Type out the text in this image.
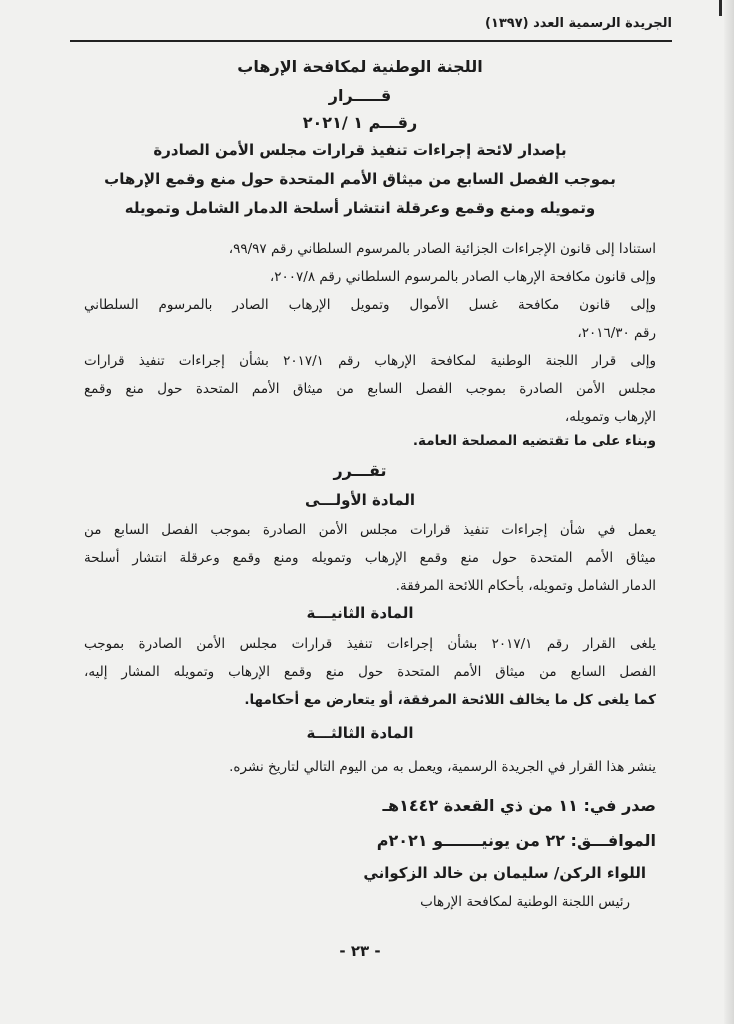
الجريدة الرسمية العدد (١٣٩٧)
اللجنة الوطنية لمكافحة الإرهاب
قـــــرار
رقـــم ١ /٢٠٢١
بإصدار لائحة إجراءات تنفيذ قرارات مجلس الأمن الصادرة
بموجب الفصل السابع من ميثاق الأمم المتحدة حول منع وقمع الإرهاب
وتمويله ومنع وقمع وعرقلة انتشار أسلحة الدمار الشامل وتمويله
استنادا إلى قانون الإجراءات الجزائية الصادر بالمرسوم السلطاني رقم ٩٩/٩٧،
وإلى قانون مكافحة الإرهاب الصادر بالمرسوم السلطاني رقم ٢٠٠٧/٨،
وإلى قانون مكافحة غسل الأموال وتمويل الإرهاب الصادر بالمرسوم السلطاني
رقم ٢٠١٦/٣٠،
وإلى قرار اللجنة الوطنية لمكافحة الإرهاب رقم ٢٠١٧/١ بشأن إجراءات تنفيذ قرارات
مجلس الأمن الصادرة بموجب الفصل السابع من ميثاق الأمم المتحدة حول منع وقمع
الإرهاب وتمويله،
وبناء على ما تقتضيه المصلحة العامة.
تقـــرر
المادة الأولـــى
يعمل في شأن إجراءات تنفيذ قرارات مجلس الأمن الصادرة بموجب الفصل السابع من
ميثاق الأمم المتحدة حول منع وقمع الإرهاب وتمويله ومنع وقمع وعرقلة انتشار أسلحة
الدمار الشامل وتمويله، بأحكام اللائحة المرفقة.
المادة الثانيـــة
يلغى القرار رقم ٢٠١٧/١ بشأن إجراءات تنفيذ قرارات مجلس الأمن الصادرة بموجب
الفصل السابع من ميثاق الأمم المتحدة حول منع وقمع الإرهاب وتمويله المشار إليه،
كما يلغى كل ما يخالف اللائحة المرفقة، أو يتعارض مع أحكامها.
المادة الثالثـــة
ينشر هذا القرار في الجريدة الرسمية، ويعمل به من اليوم التالي لتاريخ نشره.
صدر في: ١١ من ذي القعدة ١٤٤٢هـ
الموافـــق: ٢٢ من يونيـــــــو ٢٠٢١م
اللواء الركن/ سليمان بن خالد الزكواني
رئيس اللجنة الوطنية لمكافحة الإرهاب
- ٢٣ -
